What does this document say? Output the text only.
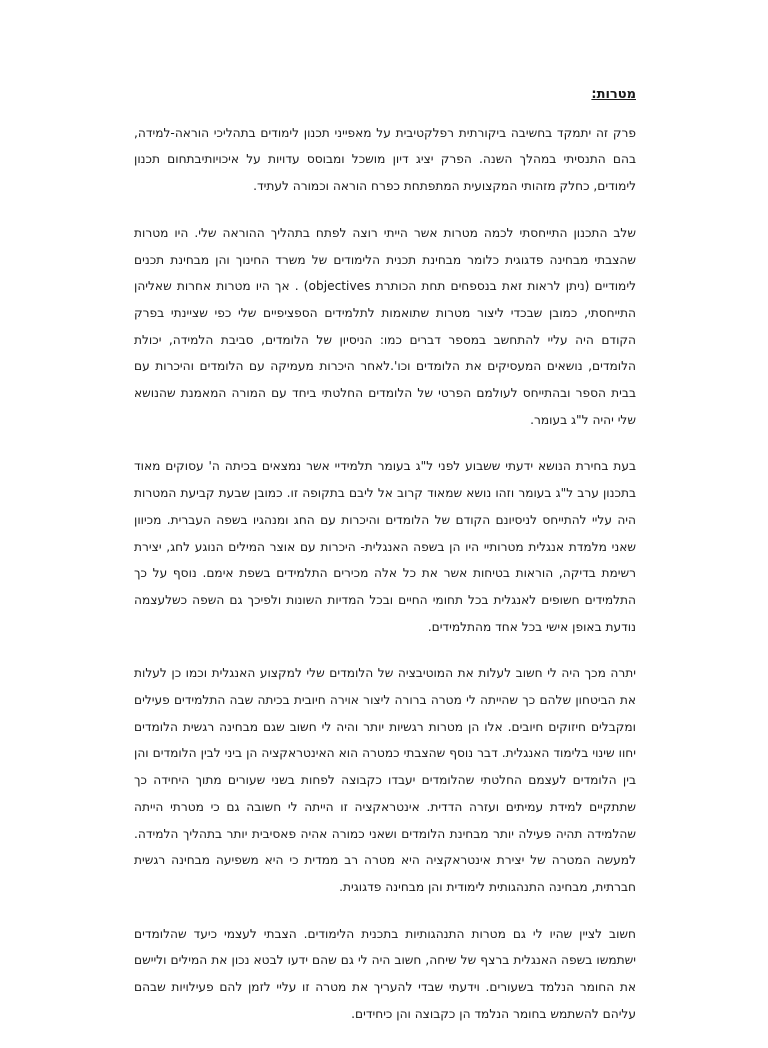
מטרות:

פרק זה יתמקד בחשיבה ביקורתית רפלקטיבית על מאפייני תכנון לימודים בתהליכי הוראה-למידה, בהם התנסיתי במהלך השנה. הפרק יציג דיון מושכל ומבוסס עדויות על איכויותיבתחום תכנון לימודים, כחלק מזהותי המקצועית המתפתחת כפרח הוראה וכמורה לעתיד.

שלב התכנון התייחסתי לכמה מטרות אשר הייתי רוצה לפתח בתהליך ההוראה שלי. היו מטרות שהצבתי מבחינה פדגוגית כלומר מבחינת תכנית הלימודים של משרד החינוך והן מבחינת תכנים לימודיים (ניתן לראות זאת בנספחים תחת הכותרת objectives) . אך היו מטרות אחרות שאליהן התייחסתי, כמובן שבכדי ליצור מטרות שתואמות לתלמידים הספציפיים שלי כפי שציינתי בפרק הקודם היה עליי להתחשב במספר דברים כמו: הניסיון של הלומדים, סביבת הלמידה, יכולת הלומדים, נושאים המעסיקים את הלומדים וכו'.לאחר היכרות מעמיקה עם הלומדים והיכרות עם בבית הספר ובהתייחס לעולמם הפרטי של הלומדים החלטתי ביחד עם המורה המאמנת שהנושא שלי יהיה ל"ג בעומר.

בעת בחירת הנושא ידעתי ששבוע לפני ל"ג בעומר תלמידיי אשר נמצאים בכיתה ה' עסוקים מאוד בתכנון ערב ל"ג בעומר וזהו נושא שמאוד קרוב אל ליבם בתקופה זו. כמובן שבעת קביעת המטרות היה עליי להתייחס לניסיונם הקודם של הלומדים והיכרות עם החג ומנהגיו בשפה העברית. מכיוון שאני מלמדת אנגלית מטרותיי היו הן בשפה האנגלית- היכרות עם אוצר המילים הנוגע לחג, יצירת רשימת בדיקה, הוראות בטיחות אשר את כל אלה מכירים התלמידים בשפת אימם. נוסף על כך התלמידים חשופים לאנגלית בכל תחומי החיים ובכל המדיות השונות ולפיכך גם השפה כשלעצמה נודעת באופן אישי בכל אחד מהתלמידים.

יתרה מכך היה לי חשוב לעלות את המוטיבציה של הלומדים שלי למקצוע האנגלית וכמו כן לעלות את הביטחון שלהם כך שהייתה לי מטרה ברורה ליצור אוירה חיובית בכיתה שבה התלמידים פעילים ומקבלים חיזוקים חיובים. אלו הן מטרות רגשיות יותר והיה לי חשוב שגם מבחינה רגשית הלומדים יחוו שינוי בלימוד האנגלית. דבר נוסף שהצבתי כמטרה הוא האינטראקציה הן ביני לבין הלומדים והן בין הלומדים לעצמם החלטתי שהלומדים יעבדו כקבוצה לפחות בשני שעורים מתוך היחידה כך שתתקיים למידת עמיתים ועזרה הדדית. אינטראקציה זו הייתה לי חשובה גם כי מטרתי הייתה שהלמידה תהיה פעילה יותר מבחינת הלומדים ושאני כמורה אהיה פאסיבית יותר בתהליך הלמידה. למעשה המטרה של יצירת אינטראקציה היא מטרה רב ממדית כי היא משפיעה מבחינה רגשית חברתית, מבחינה התנהגותית לימודית והן מבחינה פדגוגית.

חשוב לציין שהיו לי גם מטרות התנהגותיות בתכנית הלימודים. הצבתי לעצמי כיעד שהלומדים ישתמשו בשפה האנגלית ברצף של שיחה, חשוב היה לי גם שהם ידעו לבטא נכון את המילים וליישם את החומר הנלמד בשעורים. וידעתי שבדי להעריך את מטרה זו עליי לזמן להם פעילויות שבהם עליהם להשתמש בחומר הנלמד הן כקבוצה והן כיחידים.
